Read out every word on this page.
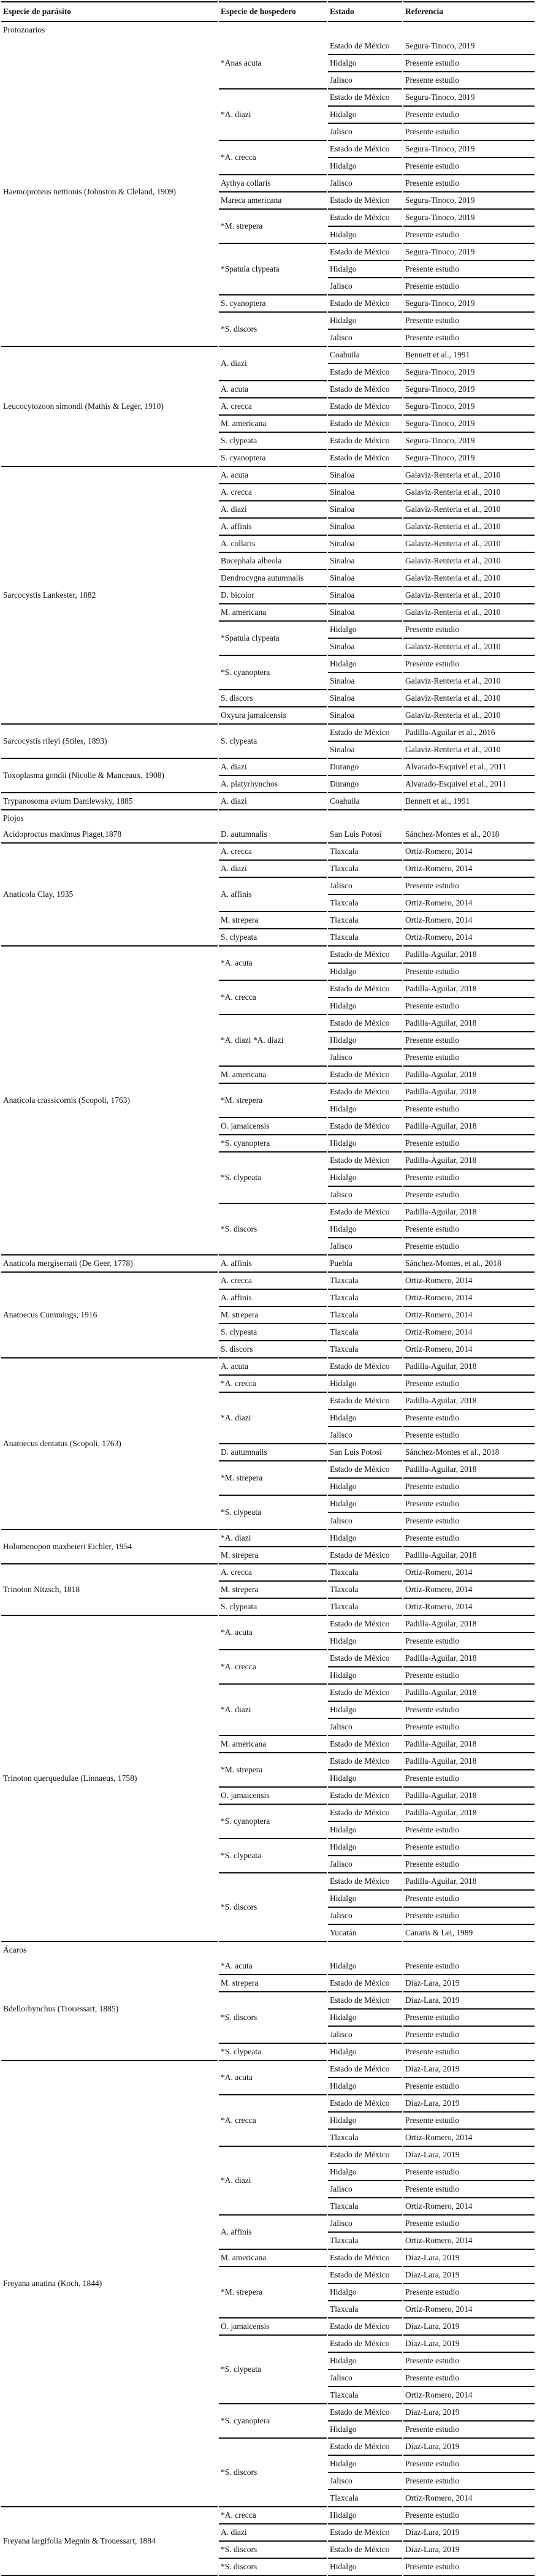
Especie de parásito	Especie de hospedero	Estado	Referencia
Protozoarios			
Haemoproteus nettionis (Johnston & Cleland, 1909)	*Anas acuta	Estado de México	Segura-Tinoco, 2019
		Hidalgo	Presente estudio
		Jalisco	Presente estudio
	*A. diazi	Estado de México	Segura-Tinoco, 2019
		Hidalgo	Presente estudio
		Jalisco	Presente estudio
	*A. crecca	Estado de México	Segura-Tinoco, 2019
		Hidalgo	Presente estudio
	Aythya collaris	Jalisco	Presente estudio
	Mareca americana	Estado de México	Segura-Tinoco, 2019
	*M. strepera	Estado de México	Segura-Tinoco, 2019
		Hidalgo	Presente estudio
	*Spatula clypeata	Estado de México	Segura-Tinoco, 2019
		Hidalgo	Presente estudio
		Jalisco	Presente estudio
	S. cyanoptera	Estado de México	Segura-Tinoco, 2019
	*S. discors	Hidalgo	Presente estudio
		Jalisco	Presente estudio
Leucocytozoon simondi (Mathis & Leger, 1910)	A. diazi	Coahuila	Bennett et al., 1991
		Estado de México	Segura-Tinoco, 2019
	A. acuta	Estado de México	Segura-Tinoco, 2019
	A. crecca	Estado de México	Segura-Tinoco, 2019
	M. americana	Estado de México	Segura-Tinoco, 2019
	S. clypeata	Estado de México	Segura-Tinoco, 2019
	S. cyanoptera	Estado de México	Segura-Tinoco, 2019
Sarcocystis Lankester, 1882	A. acuta	Sinaloa	Galaviz-Renteria et al., 2010
	A. crecca	Sinaloa	Galaviz-Renteria et al., 2010
	A. diazi	Sinaloa	Galaviz-Renteria et al., 2010
	A. affinis	Sinaloa	Galaviz-Renteria et al., 2010
	A. collaris	Sinaloa	Galaviz-Renteria et al., 2010
	Bucephala albeola	Sinaloa	Galaviz-Renteria et al., 2010
	Dendrocygna autumnalis	Sinaloa	Galaviz-Renteria et al., 2010
	D. bicolor	Sinaloa	Galaviz-Renteria et al., 2010
	M. americana	Sinaloa	Galaviz-Renteria et al., 2010
	*Spatula clypeata	Hidalgo	Presente estudio
		Sinaloa	Galaviz-Renteria et al., 2010
	*S. cyanoptera	Hidalgo	Presente estudio
		Sinaloa	Galaviz-Renteria et al., 2010
	S. discors	Sinaloa	Galaviz-Renteria et al., 2010
	Oxyura jamaicensis	Sinaloa	Galaviz-Renteria et al., 2010
Sarcocystis rileyi (Stiles, 1893)	S. clypeata	Estado de México	Padilla-Aguilar et al., 2016
		Sinaloa	Galaviz-Renteria et al., 2010
Toxoplasma gondii (Nicolle & Manceaux, 1908)	A. diazi	Durango	Alvarado-Esquivel et al., 2011
	A. platyrhynchos	Durango	Alvarado-Esquivel et al., 2011
Trypanosoma avium Danilewsky, 1885	A. diazi	Coahuila	Bennett et al., 1991
Piojos			
Acidoproctus maximus Piaget,1878	D. autumnalis	San Luis Potosí	Sánchez-Montes et al., 2018
Anaticola Clay, 1935	A. crecca	Tlaxcala	Ortiz-Romero, 2014
	A. diazi	Tlaxcala	Ortiz-Romero, 2014
	A. affinis	Jalisco	Presente estudio
		Tlaxcala	Ortiz-Romero, 2014
	M. strepera	Tlaxcala	Ortiz-Romero, 2014
	S. clypeata	Tlaxcala	Ortiz-Romero, 2014
Anaticola crassicornis (Scopoli, 1763)	*A. acuta	Estado de México	Padilla-Aguilar, 2018
		Hidalgo	Presente estudio
	*A. crecca	Estado de México	Padilla-Aguilar, 2018
		Hidalgo	Presente estudio
	*A. diazi *A. diazi	Estado de México	Padilla-Aguilar, 2018
		Hidalgo	Presente estudio
		Jalisco	Presente estudio
	M. americana	Estado de México	Padilla-Aguilar, 2018
	*M. strepera	Estado de México	Padilla-Aguilar, 2018
		Hidalgo	Presente estudio
	O. jamaicensis	Estado de México	Padilla-Aguilar, 2018
	*S. cyanoptera	Hidalgo	Presente estudio
	*S. clypeata	Estado de México	Padilla-Aguilar, 2018
		Hidalgo	Presente estudio
		Jalisco	Presente estudio
	*S. discors	Estado de México	Padilla-Aguilar, 2018
		Hidalgo	Presente estudio
		Jalisco	Presente estudio
Anaticola mergiserrati (De Geer, 1778)	A. affinis	Puebla	Sánchez-Montes, et al., 2018
Anatoecus Cummings, 1916	A. crecca	Tlaxcala	Ortiz-Romero, 2014
	A. affinis	Tlaxcala	Ortiz-Romero, 2014
	M. strepera	Tlaxcala	Ortiz-Romero, 2014
	S. clypeata	Tlaxcala	Ortiz-Romero, 2014
	S. discors	Tlaxcala	Ortiz-Romero, 2014
Anatoecus dentatus (Scopoli, 1763)	A. acuta	Estado de México	Padilla-Aguilar, 2018
	*A. crecca	Hidalgo	Presente estudio
	*A. diazi	Estado de México	Padilla-Aguilar, 2018
		Hidalgo	Presente estudio
		Jalisco	Presente estudio
	D. autumnalis	San Luis Potosí	Sánchez-Montes et al., 2018
	*M. strepera	Estado de México	Padilla-Aguilar, 2018
		Hidalgo	Presente estudio
	*S. clypeata	Hidalgo	Presente estudio
		Jalisco	Presente estudio
Holomenopon maxbeieri Eichler, 1954	*A. diazi	Hidalgo	Presente estudio
	M. strepera	Estado de México	Padilla-Aguilar, 2018
Trinoton Nitzsch, 1818	A. crecca	Tlaxcala	Ortiz-Romero, 2014
	M. strepera	Tlaxcala	Ortiz-Romero, 2014
	S. clypeata	Tlaxcala	Ortiz-Romero, 2014
Trinoton querquedulae (Linnaeus, 1758)	*A. acuta	Estado de México	Padilla-Aguilar, 2018
		Hidalgo	Presente estudio
	*A. crecca	Estado de México	Padilla-Aguilar, 2018
		Hidalgo	Presente estudio
	*A. diazi	Estado de México	Padilla-Aguilar, 2018
		Hidalgo	Presente estudio
		Jalisco	Presente estudio
	M. americana	Estado de México	Padilla-Aguilar, 2018
	*M. strepera	Estado de México	Padilla-Aguilar, 2018
		Hidalgo	Presente estudio
	O. jamaicensis	Estado de México	Padilla-Aguilar, 2018
	*S. cyanoptera	Estado de México	Padilla-Aguilar, 2018
		Hidalgo	Presente estudio
	*S. clypeata	Hidalgo	Presente estudio
		Jalisco	Presente estudio
	*S. discors	Estado de México	Padilla-Aguilar, 2018
		Hidalgo	Presente estudio
		Jalisco	Presente estudio
		Yucatán	Canaris & Lei, 1989
Ácaros			
Bdellorhynchus (Trouessart, 1885)	*A. acuta	Hidalgo	Presente estudio
	M. strepera	Estado de México	Díaz-Lara, 2019
	*S. discors	Estado de México	Díaz-Lara, 2019
		Hidalgo	Presente estudio
		Jalisco	Presente estudio
	*S. clypeata	Hidalgo	Presente estudio
Freyana anatina (Koch, 1844)	*A. acuta	Estado de México	Díaz-Lara, 2019
		Hidalgo	Presente estudio
	*A. crecca	Estado de México	Díaz-Lara, 2019
		Hidalgo	Presente estudio
		Tlaxcala	Ortiz-Romero, 2014
	*A. diazi	Estado de México	Díaz-Lara, 2019
		Hidalgo	Presente estudio
		Jalisco	Presente estudio
		Tlaxcala	Ortiz-Romero, 2014
	A. affinis	Jalisco	Presente estudio
		Tlaxcala	Ortiz-Romero, 2014
	M. americana	Estado de México	Díaz-Lara, 2019
	*M. strepera	Estado de México	Díaz-Lara, 2019
		Hidalgo	Presente estudio
		Tlaxcala	Ortiz-Romero, 2014
	O. jamaicensis	Estado de México	Díaz-Lara, 2019
	*S. clypeata	Estado de México	Díaz-Lara, 2019
		Hidalgo	Presente estudio
		Jalisco	Presente estudio
		Tlaxcala	Ortiz-Romero, 2014
	*S. cyanoptera	Estado de México	Díaz-Lara, 2019
		Hidalgo	Presente estudio
	*S. discors	Estado de México	Díaz-Lara, 2019
		Hidalgo	Presente estudio
		Jalisco	Presente estudio
		Tlaxcala	Ortiz-Romero, 2014
Freyana largifolia Megnin & Trouessart, 1884	*A. crecca	Hidalgo	Presente estudio
	A. diazi	Estado de México	Díaz-Lara, 2019
	*S. discors	Estado de México	Díaz-Lara, 2019
	*S. discors	Hidalgo	Presente estudio
